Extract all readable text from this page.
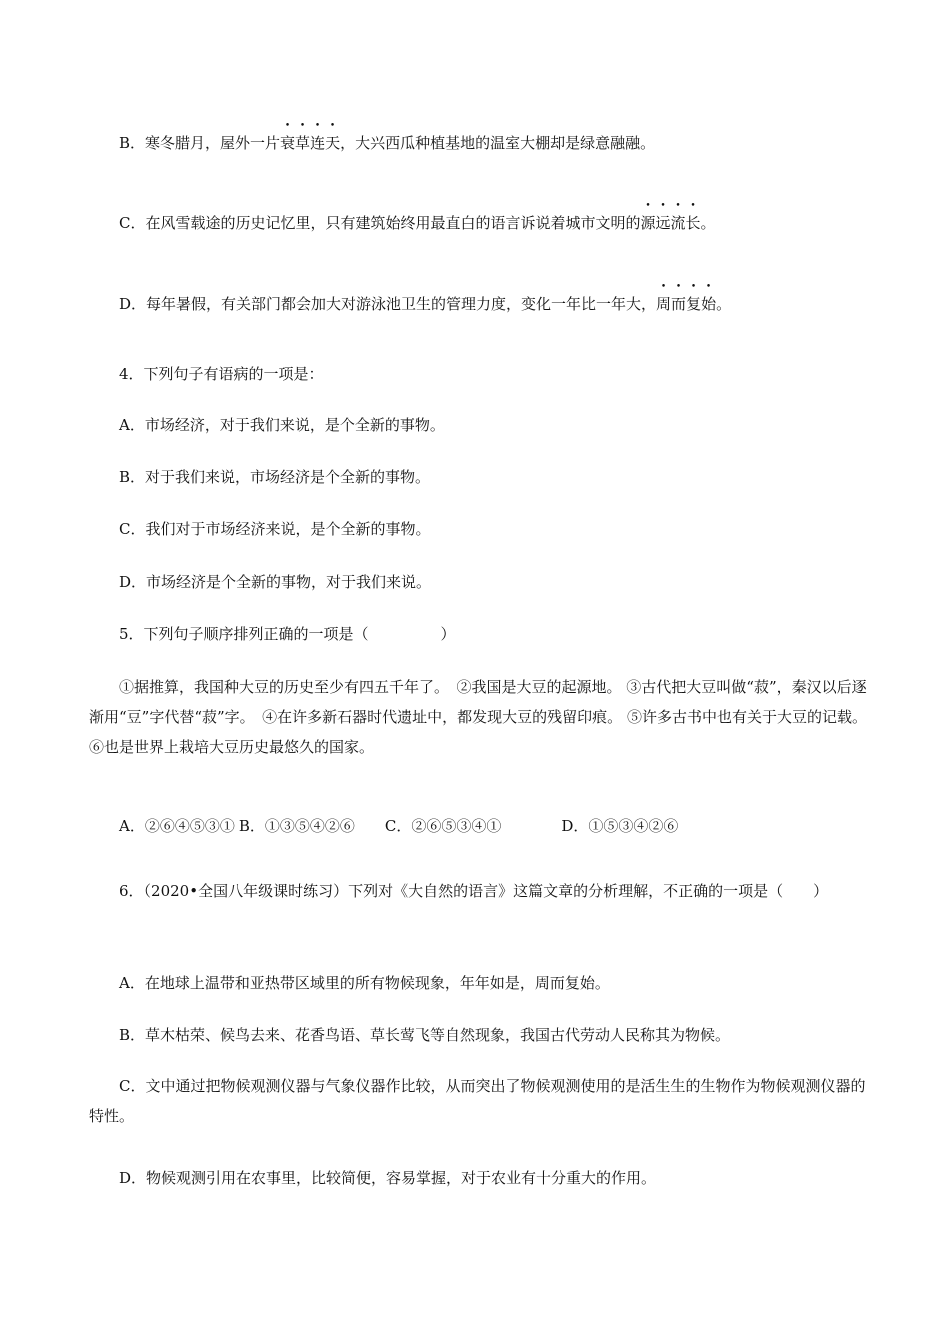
B．寒冬腊月，屋外一片衰草连天，大兴西瓜种植基地的温室大棚却是绿意融融。
C．在风雪载途的历史记忆里，只有建筑始终用最直白的语言诉说着城市文明的源远流长。
D．每年暑假，有关部门都会加大对游泳池卫生的管理力度，变化一年比一年大，周而复始。
4．下列句子有语病的一项是：
A．市场经济，对于我们来说，是个全新的事物。
B．对于我们来说，市场经济是个全新的事物。
C．我们对于市场经济来说，是个全新的事物。
D．市场经济是个全新的事物，对于我们来说。
5．下列句子顺序排列正确的一项是（	）
①据推算，我国种大豆的历史至少有四五千年了。　②我国是大豆的起源地。 ③古代把大豆叫做“菽”，秦汉以后逐渐用“豆”字代替“菽”字。　④在许多新石器时代遗址中，都发现大豆的残留印痕。 ⑤许多古书中也有关于大豆的记载。⑥也是世界上栽培大豆历史最悠久的国家。
A．②⑥④⑤③① B．①③⑤④②⑥ C．②⑥⑤③④①	D．①⑤③④②⑥
6．（2020•全国八年级课时练习）下列对《大自然的语言》这篇文章的分析理解，不正确的一项是（　　）
A．在地球上温带和亚热带区域里的所有物候现象，年年如是，周而复始。
B．草木枯荣、候鸟去来、花香鸟语、草长莺飞等自然现象，我国古代劳动人民称其为物候。
C．文中通过把物候观测仪器与气象仪器作比较，从而突出了物候观测使用的是活生生的生物作为物候观测仪器的特性。
D．物候观测引用在农事里，比较简便，容易掌握，对于农业有十分重大的作用。
